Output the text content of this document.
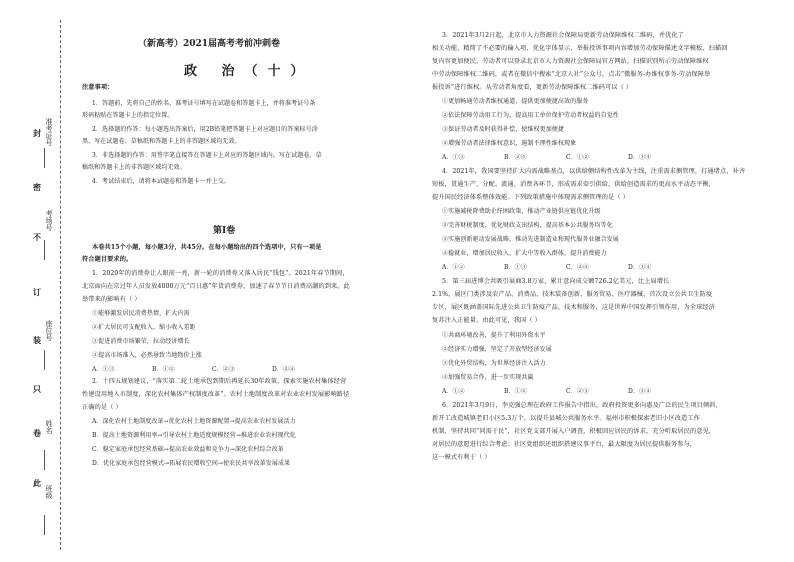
封
密
不
订
装
只
卷
此
准考证号
考场号
座位号
姓名
班级
（新高考）2021届高考考前冲刺卷
政 治（十）
注意事项：
1．答题前，先将自己的姓名、准考证号填写在试题卷和答题卡上，并将准考证号条
形码粘贴在答题卡上的指定位置。
2．选择题的作答：每小题选出答案后，用2B铅笔把答题卡上对应题目的答案标号涂
黑，写在试题卷、草稿纸和答题卡上的非答题区域均无效。
3．非选择题的作答：用签字笔直接答在答题卡上对应的答题区域内。写在试题卷、草
稿纸和答题卡上的非答题区域均无效。
4．考试结束后，请将本试题卷和答题卡一并上交。
第Ⅰ卷
本卷共15个小题，每小题3分，共45分。在每小题给出的四个选项中，只有一项是
符合题目要求的。
1．2020年的消费券让人眼前一亮，新一轮的消费券又落入居民“钱包”。2021年春节期间，
北京面向在京过年人员发放4000万元“百日惠”年货消费券，加速了春节节日消费高潮的到来。此
举带来的影响有（ ）
①能够激发居民消费热情，扩大内需
②扩大居民可支配收入，缩小收入差距
③促进消费市场繁荣，拉动经济增长
④提高市场准入，必然导致当地物价上涨
A．①③	B．①④	C．②③	D．②④
2．十四五规划建议，“落实第二轮土地承包到期后再延长30年政策，探索实施农村集体经营
性建设用地入市制度，深化农村集体产权制度改革”。农村土地制度改革对农业农村发展影响路径
正确的是（ ）
A．深化农村土地制度改革→优化农村土地资源配置→提高农业农村发展活力
B．提高土地资源利用率→引导农村土地适度规模经营→推进农业农村现代化
C．稳定家庭承包经营基础→提高农业效益和竞争力→深化农村综合改革
D．优化家庭承包经营模式→拓展农民增收空间→使农民共享改革发展成果
3．2021年3月2日起，北京市人力资源社会保障局更新劳动保障维权二维码，并优化了
相关功能，精简了不必要的输入项，优化字体显示，举报投诉事项内容增加劳动保障描述文字模板，扫描回
复内容更加便民。劳动者可以登录北京市人力资源社会保障局官方网站，扫描识别所示劳动保障维权
中劳动保障维权二维码，或者在微信中搜索“北京人社”公众号，点击“微服务-办维权事务-劳动保障举
报投诉”进行维权。从劳动者角度看，更新劳动保障维权二维码可以（ ）
①更加畅通劳动者维权通道，提供更加便捷高效的服务
②依法保障劳动用工行为，提高用工单位保护劳动者权益的自觉性
③保证劳动者及时获得补偿，使维权更加便捷
④增强劳动者法律维权意识，遏制不理性维权现象
A．①③	B．②④	C．①②	D．③④
4．2021年，我国要坚持扩大内需战略基点，以供给侧结构性改革为主线，注重需求侧管理，打通堵点，补齐
短板，贯通生产、分配、流通、消费各环节，形成需求牵引供给、供给创造需求的更高水平动态平衡，
提升国民经济体系整体效能。下列政策措施中体现需求侧管理的是（ ）
①实施减税降费助企纾困政策，推动产业链供应链优化升级
②完善财税制度，优化财政支出结构，提高基本公共服务均等化
③实施创新驱动发展战略，推动先进制造业和现代服务业融合发展
④稳就业，增加居民收入，扩大中等收入群体，提升消费能力
A．①②	B．①③	C．②④	D．③④
5．第三届进博会共吸引展商3.8万家，累计意向成交额726.2亿美元，比上届增长
2.1%，展区门类涉及农产品、消费品、技术装备创新、服务贸易、医疗器械、首次设立公共卫生防疫
专区，展区既涵盖国际先进公共卫生防疫产品、技术和服务，这是世界中国发挥引领作用，为全球经济
复苏注入正能量。由此可见，我国（ ）
①共商环境改善，提升了利用外资水平
②经济实力增强，坚定了开放型经济发展
③优化外贸结构，为世界经济注入活力
④加强贸易合作，进一步实现共赢
A．①②	B．①④	C．②③	D．③④
6．2021年3月9日，李克强总理在政府工作报告中指出，政府投资更多向惠及广泛的民生项目倾斜，
新开工改造城镇老旧小区5.3万个，以提升县城公共服务水平。福州市积极探索老旧小区改造工作
机制，坚持共同“问需于民”，社区党支部开展入户调查，积极回应居民的诉求，充分听取居民的意见，
对居民的意愿进行综合考虑；社区党组织还组织搭建议事平台，最大限度为居民提供服务参与，
这一模式有利于（ ）
